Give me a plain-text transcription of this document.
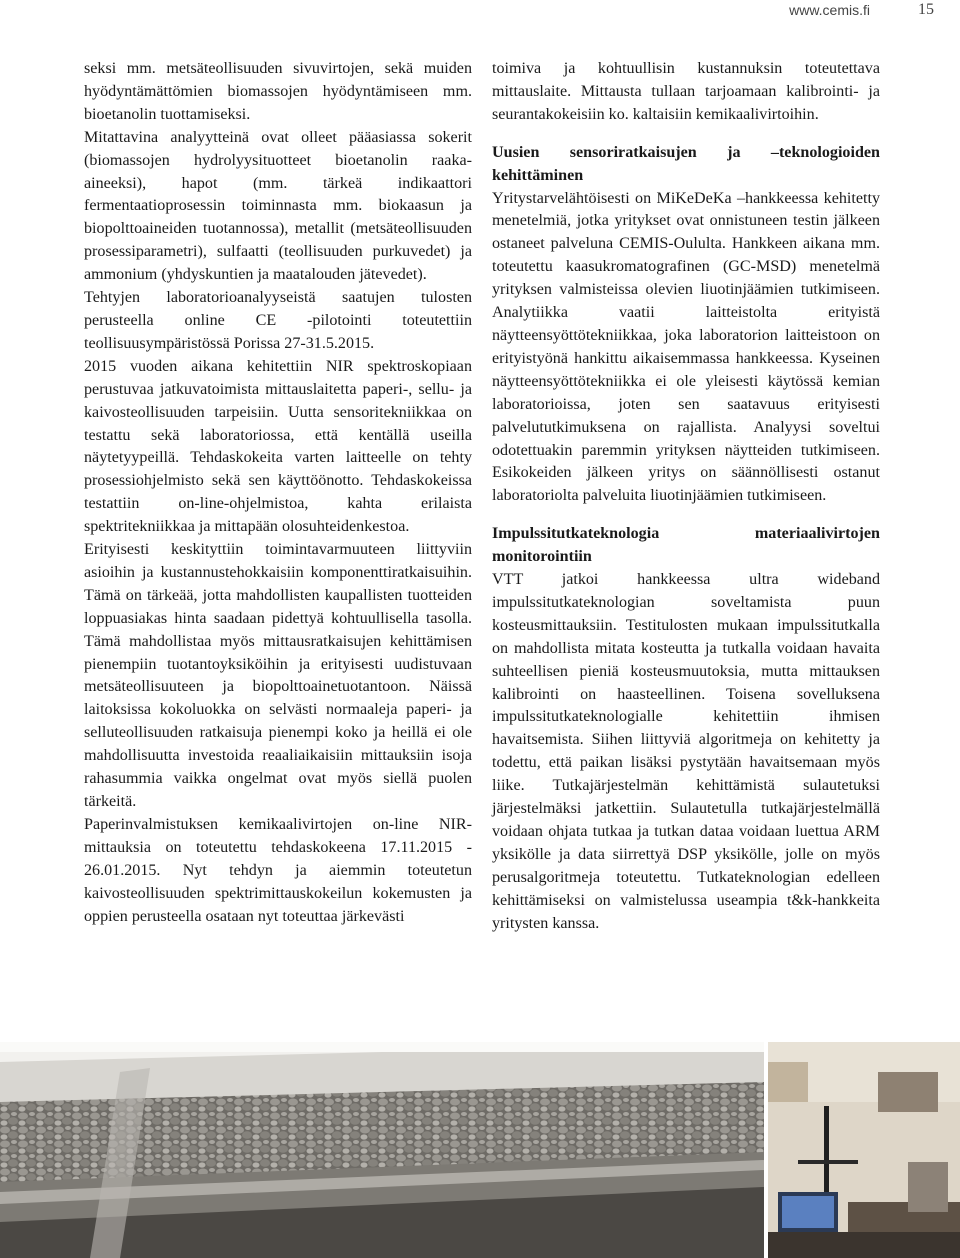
www.cemis.fi	15

seksi mm. metsäteollisuuden sivuvirtojen, sekä muiden hyödyntämättömien biomassojen hyödyntämiseen mm. bioetanolin tuottamiseksi.

Mitattavina analyytteinä ovat olleet pääasiassa sokerit (biomassojen hydrolyysituotteet bioetanolin raaka-aineeksi), hapot (mm. tärkeä indikaattori fermentaatioprosessin toiminnasta mm. biokaasun ja biopolttoaineiden tuotannossa), metallit (metsäteollisuuden prosessiparametri), sulfaatti (teollisuuden purkuvedet) ja ammonium (yhdyskuntien ja maatalouden jätevedet).

Tehtyjen laboratorioanalyyseistä saatujen tulosten perusteella online CE -pilotointi toteutettiin teollisuusympäristössä Porissa 27-31.5.2015.

2015 vuoden aikana kehitettiin NIR spektroskopiaan perustuvaa jatkuvatoimista mittauslaitetta paperi-, sellu- ja kaivosteollisuuden tarpeisiin. Uutta sensoritekniikkaa on testattu sekä laboratoriossa, että kentällä useilla näytetyypeillä. Tehdaskokeita varten laitteelle on tehty prosessiohjelmisto sekä sen käyttöönotto. Tehdaskokeissa testattiin on-line-ohjelmistoa, kahta erilaista spektritekniikkaa ja mittapään olosuhteidenkestoa.

Erityisesti keskityttiin toimintavarmuuteen liittyviin asioihin ja kustannustehokkaisiin komponenttiratkaisuihin. Tämä on tärkeää, jotta mahdollisten kaupallisten tuotteiden loppuasiakas hinta saadaan pidettyä kohtuullisella tasolla. Tämä mahdollistaa myös mittausratkaisujen kehittämisen pienempiin tuotantoyksiköihin ja erityisesti uudistuvaan metsäteollisuuteen ja biopolttoainetuotantoon. Näissä laitoksissa kokoluokka on selvästi normaaleja paperi- ja selluteollisuuden ratkaisuja pienempi koko ja heillä ei ole mahdollisuutta investoida reaaliaikaisiin mittauksiin isoja rahasummia vaikka ongelmat ovat myös siellä puolen tärkeitä.

Paperinvalmistuksen kemikaalivirtojen on-line NIR-mittauksia on toteutettu tehdaskokeena 17.11.2015 - 26.01.2015. Nyt tehdyn ja aiemmin toteutetun kaivosteollisuuden spektrimittauskokeilun kokemusten ja oppien perusteella osataan nyt toteuttaa järkevästi

toimiva ja kohtuullisin kustannuksin toteutettava mittauslaite. Mittausta tullaan tarjoamaan kalibrointi- ja seurantakokeisiin ko. kaltaisiin kemikaalivirtoihin.

Uusien sensoriratkaisujen ja –teknologioiden kehittäminen

Yritystarvelähtöisesti on MiKeDeKa –hankkeessa kehitetty menetelmiä, jotka yritykset ovat onnistuneen testin jälkeen ostaneet palveluna CEMIS-Oululta. Hankkeen aikana mm. toteutettu kaasukromatografinen (GC-MSD) menetelmä yrityksen valmisteissa olevien liuotinjäämien tutkimiseen. Analytiikka vaatii laitteistolta erityistä näytteensyöttötekniikkaa, joka laboratorion laitteistoon on erityistyönä hankittu aikaisemmassa hankkeessa. Kyseinen näytteensyöttötekniikka ei ole yleisesti käytössä kemian laboratorioissa, joten sen saatavuus erityisesti palvelututkimuksena on rajallista. Analyysi soveltui odotettuakin paremmin yrityksen näytteiden tutkimiseen. Esikokeiden jälkeen yritys on säännöllisesti ostanut laboratoriolta palveluita liuotinjäämien tutkimiseen.

Impulssitutkateknologia materiaalivirtojen monitorointiin

VTT jatkoi hankkeessa ultra wideband impulssitutkateknologian soveltamista puun kosteusmittauksiin. Testitulosten mukaan impulssitutkalla on mahdollista mitata kosteutta ja tutkalla voidaan havaita suhteellisen pieniä kosteusmuutoksia, mutta mittauksen kalibrointi on haasteellinen. Toisena sovelluksena impulssitutkateknologialle kehitettiin ihmisen havaitsemista. Siihen liittyviä algoritmeja on kehitetty ja todettu, että paikan lisäksi pystytään havaitsemaan myös liike. Tutkajärjestelmän kehittämistä sulautetuksi järjestelmäksi jatkettiin. Sulautetulla tutkajärjestelmällä voidaan ohjata tutkaa ja tutkan dataa voidaan luettua ARM yksikölle ja data siirrettyä DSP yksikölle, jolle on myös perusalgoritmeja toteutettu. Tutkateknologian edelleen kehittämiseksi on valmistelussa useampia t&k-hankkeita yritysten kanssa.
